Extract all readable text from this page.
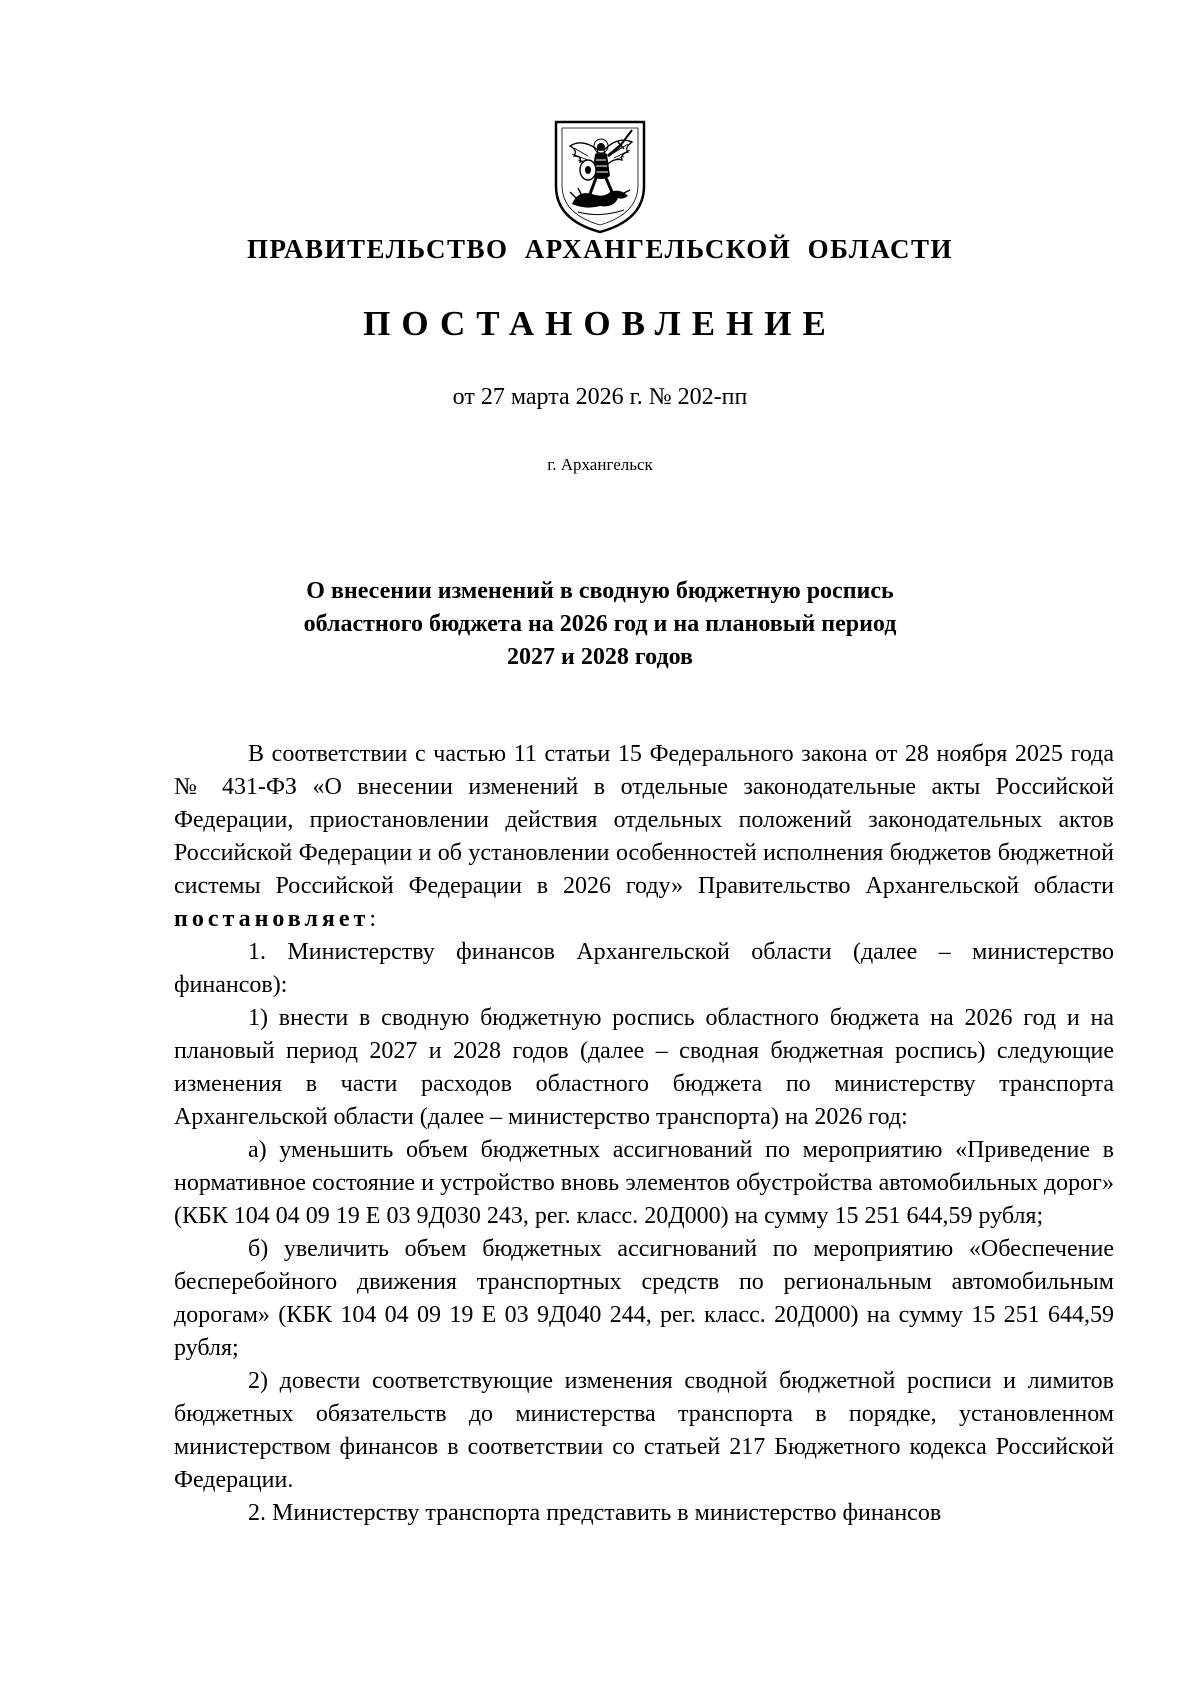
ПРАВИТЕЛЬСТВО АРХАНГЕЛЬСКОЙ ОБЛАСТИ
ПОСТАНОВЛЕНИЕ
от 27 марта 2026 г. № 202-пп
г. Архангельск
О внесении изменений в сводную бюджетную роспись
областного бюджета на 2026 год и на плановый период
2027 и 2028 годов

В соответствии с частью 11 статьи 15 Федерального закона от 28 ноября 2025 года № 431-ФЗ «О внесении изменений в отдельные законодательные акты Российской Федерации, приостановлении действия отдельных положений законодательных актов Российской Федерации и об установлении особенностей исполнения бюджетов бюджетной системы Российской Федерации в 2026 году» Правительство Архангельской области постановляет:

1. Министерству финансов Архангельской области (далее – министерство финансов):

1) внести в сводную бюджетную роспись областного бюджета на 2026 год и на плановый период 2027 и 2028 годов (далее – сводная бюджетная роспись) следующие изменения в части расходов областного бюджета по министерству транспорта Архангельской области (далее – министерство транспорта) на 2026 год:

а) уменьшить объем бюджетных ассигнований по мероприятию «Приведение в нормативное состояние и устройство вновь элементов обустройства автомобильных дорог» (КБК 104 04 09 19 Е 03 9Д030 243, рег. класс. 20Д000) на сумму 15 251 644,59 рубля;

б) увеличить объем бюджетных ассигнований по мероприятию «Обеспечение бесперебойного движения транспортных средств по региональным автомобильным дорогам» (КБК 104 04 09 19 Е 03 9Д040 244, рег. класс. 20Д000) на сумму 15 251 644,59 рубля;

2) довести соответствующие изменения сводной бюджетной росписи и лимитов бюджетных обязательств до министерства транспорта в порядке, установленном министерством финансов в соответствии со статьей 217 Бюджетного кодекса Российской Федерации.

2. Министерству транспорта представить в министерство финансов
